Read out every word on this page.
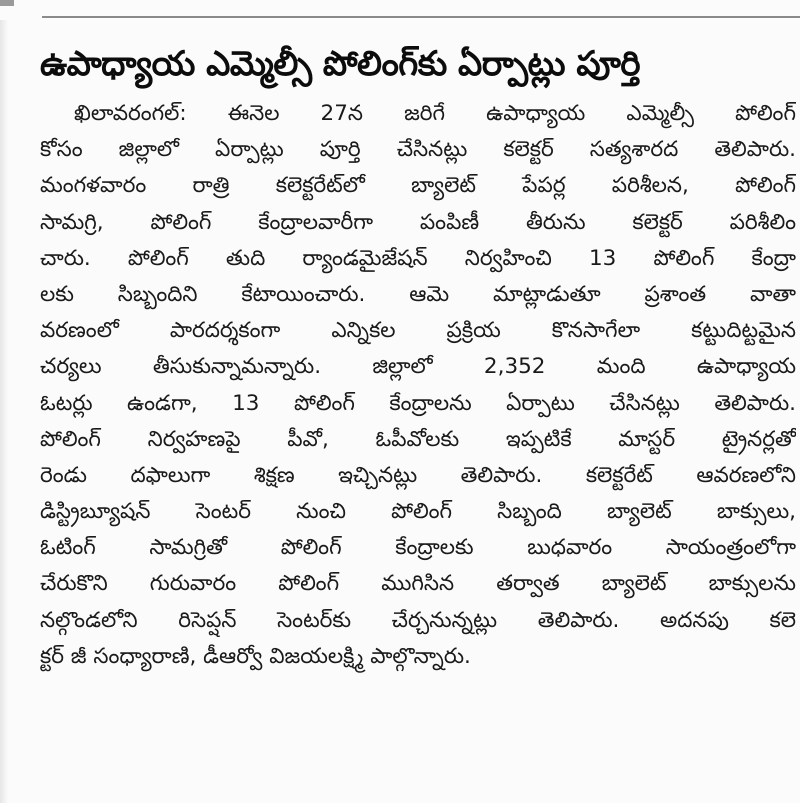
ఉపాధ్యాయ ఎమ్మెల్సీ పోలింగ్‌కు ఏర్పాట్లు పూర్తి
ఖిలావరంగల్‌: ఈనెల 27న జరిగే ఉపాధ్యాయ ఎమ్మెల్సీ పోలింగ్‌
కోసం జిల్లాలో ఏర్పాట్లు పూర్తి చేసినట్లు కలెక్టర్‌ సత్యశారద తెలిపారు.
మంగళవారం రాత్రి కలెక్టరేట్‌లో బ్యాలెట్‌ పేపర్ల పరిశీలన, పోలింగ్‌
సామగ్రి, పోలింగ్‌ కేంద్రాలవారీగా పంపిణీ తీరును కలెక్టర్‌ పరిశీలిం
చారు. పోలింగ్‌ తుది ర్యాండమైజేషన్‌ నిర్వహించి 13 పోలింగ్‌ కేంద్రా
లకు సిబ్బందిని కేటాయించారు. ఆమె మాట్లాడుతూ ప్రశాంత వాతా
వరణంలో పారదర్శకంగా ఎన్నికల ప్రక్రియ కొనసాగేలా కట్టుదిట్టమైన
చర్యలు తీసుకున్నామన్నారు. జిల్లాలో 2,352 మంది ఉపాధ్యాయ
ఓటర్లు ఉండగా, 13 పోలింగ్‌ కేంద్రాలను ఏర్పాటు చేసినట్లు తెలిపారు.
పోలింగ్‌ నిర్వహణపై పీవో, ఓపీవోలకు ఇప్పటికే మాస్టర్‌ ట్రైనర్లతో
రెండు దఫాలుగా శిక్షణ ఇచ్చినట్లు తెలిపారు. కలెక్టరేట్‌ ఆవరణలోని
డిస్ట్రిబ్యూషన్‌ సెంటర్‌ నుంచి పోలింగ్‌ సిబ్బంది బ్యాలెట్‌ బాక్సులు,
ఓటింగ్‌ సామగ్రితో పోలింగ్‌ కేంద్రాలకు బుధవారం సాయంత్రంలోగా
చేరుకొని గురువారం పోలింగ్‌ ముగిసిన తర్వాత బ్యాలెట్‌ బాక్సులను
నల్గొండలోని రిసెప్షన్‌ సెంటర్‌కు చేర్చనున్నట్లు తెలిపారు. అదనపు కలె
క్టర్‌ జీ సంధ్యారాణి, డీఆర్వో విజయలక్ష్మి పాల్గొన్నారు.
